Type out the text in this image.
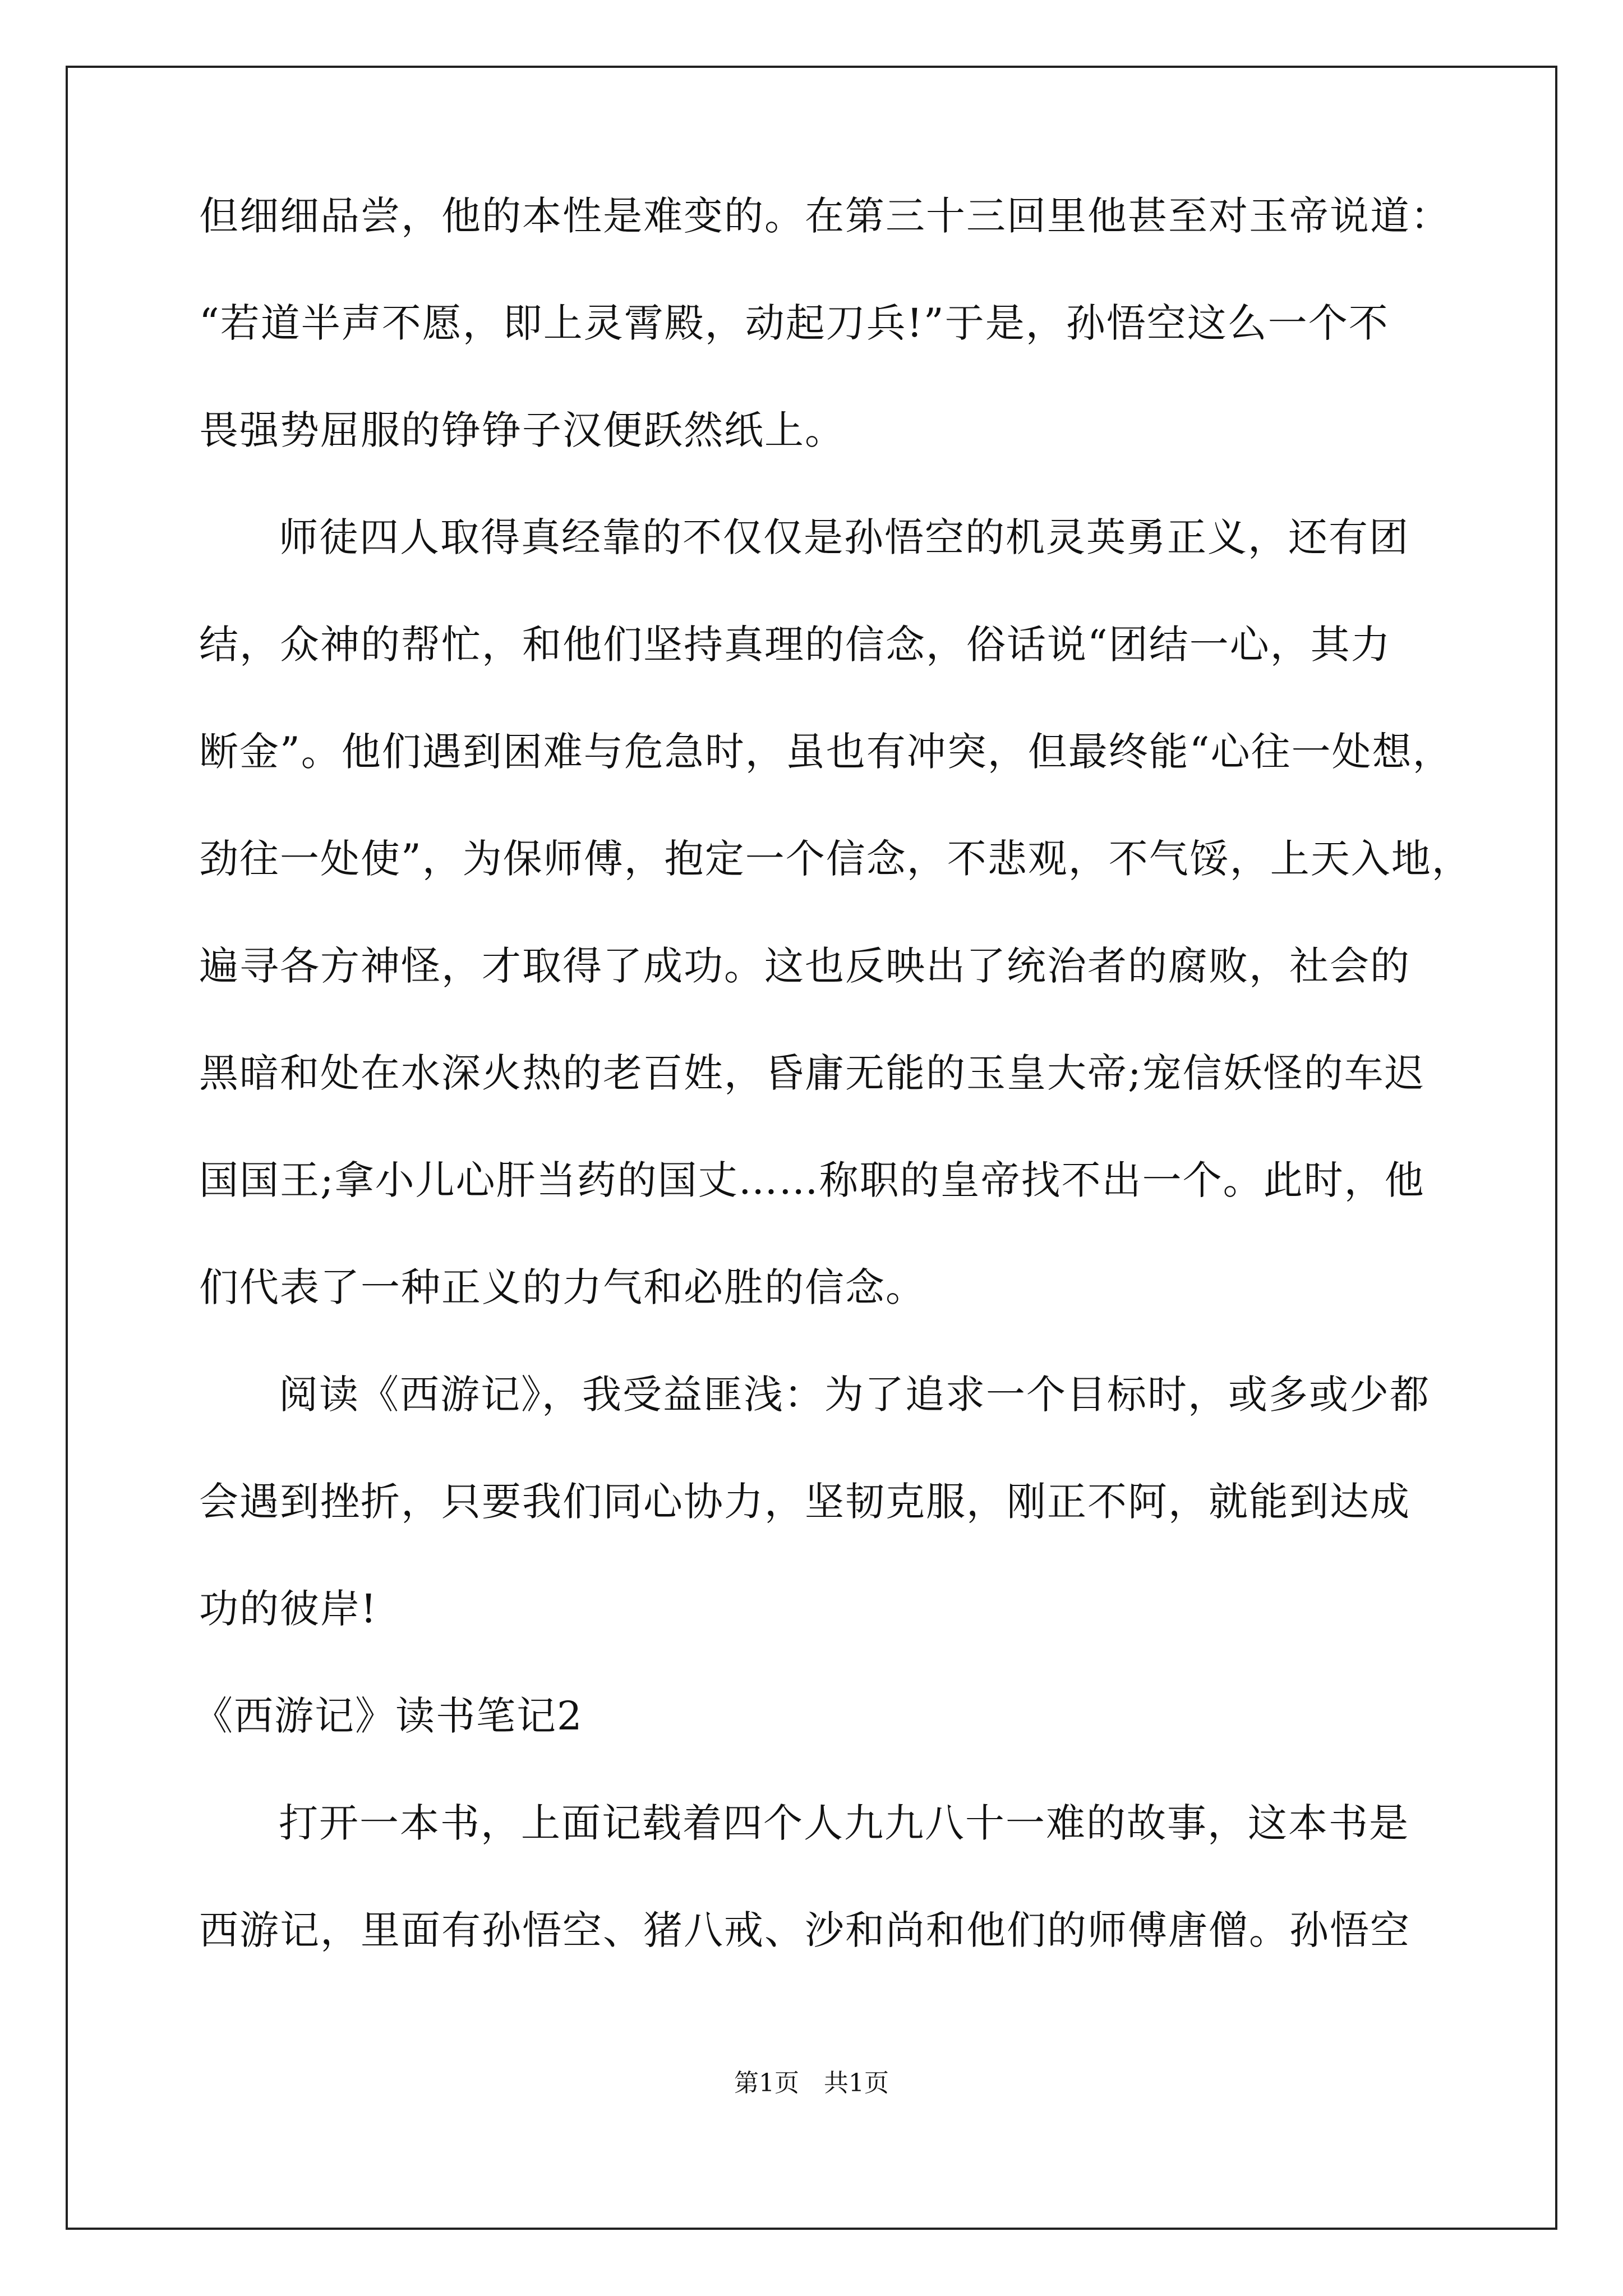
但细细品尝，他的本性是难变的。在第三十三回里他甚至对玉帝说道：

“若道半声不愿，即上灵霄殿，动起刀兵!”于是，孙悟空这么一个不

畏强势屈服的铮铮子汉便跃然纸上。

师徒四人取得真经靠的不仅仅是孙悟空的机灵英勇正义，还有团

结，众神的帮忙，和他们坚持真理的信念，俗话说“团结一心，其力

断金”。他们遇到困难与危急时，虽也有冲突，但最终能“心往一处想，

劲往一处使”，为保师傅，抱定一个信念，不悲观，不气馁，上天入地，

遍寻各方神怪，才取得了成功。这也反映出了统治者的腐败，社会的

黑暗和处在水深火热的老百姓，昏庸无能的玉皇大帝;宠信妖怪的车迟

国国王;拿小儿心肝当药的国丈……称职的皇帝找不出一个。此时，他

们代表了一种正义的力气和必胜的信念。

阅读《西游记》，我受益匪浅：为了追求一个目标时，或多或少都

会遇到挫折，只要我们同心协力，坚韧克服，刚正不阿，就能到达成

功的彼岸!

《西游记》读书笔记2

打开一本书，上面记载着四个人九九八十一难的故事，这本书是

西游记，里面有孙悟空、猪八戒、沙和尚和他们的师傅唐僧。孙悟空

第1页　共1页
